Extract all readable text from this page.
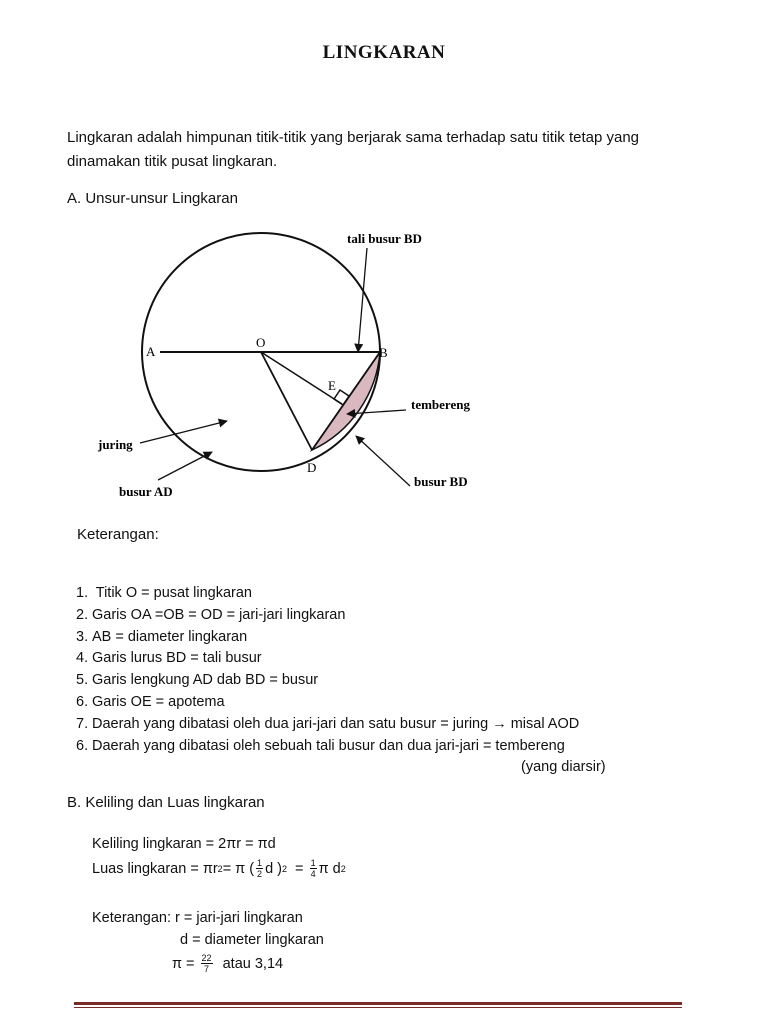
LINGKARAN
Lingkaran adalah himpunan titik-titik yang berjarak sama terhadap satu titik tetap yang dinamakan titik pusat lingkaran.
A. Unsur-unsur Lingkaran
A
O
B
E
D
tali busur BD
tembereng
juring
busur AD
busur BD
Keterangan:
1. Titik O = pusat lingkaran
2. Garis OA =OB = OD = jari-jari lingkaran
3. AB = diameter lingkaran
4. Garis lurus BD = tali busur
5. Garis lengkung AD dab BD = busur
6. Garis OE = apotema
7. Daerah yang dibatasi oleh dua jari-jari dan satu busur = juring → misal AOD
6. Daerah yang dibatasi oleh sebuah tali busur dan dua jari-jari = tembereng
(yang diarsir)
B. Keliling dan Luas lingkaran
Keliling lingkaran = 2πr = πd
Luas lingkaran = πr 2 = π ( $\frac{1}{2}$ d ) $2 = \frac{1}{4}$ π d 2
Keterangan: r = jari-jari lingkaran
d = diameter lingkaran
$\pi = \frac{22}{7}$ atau 3,14
